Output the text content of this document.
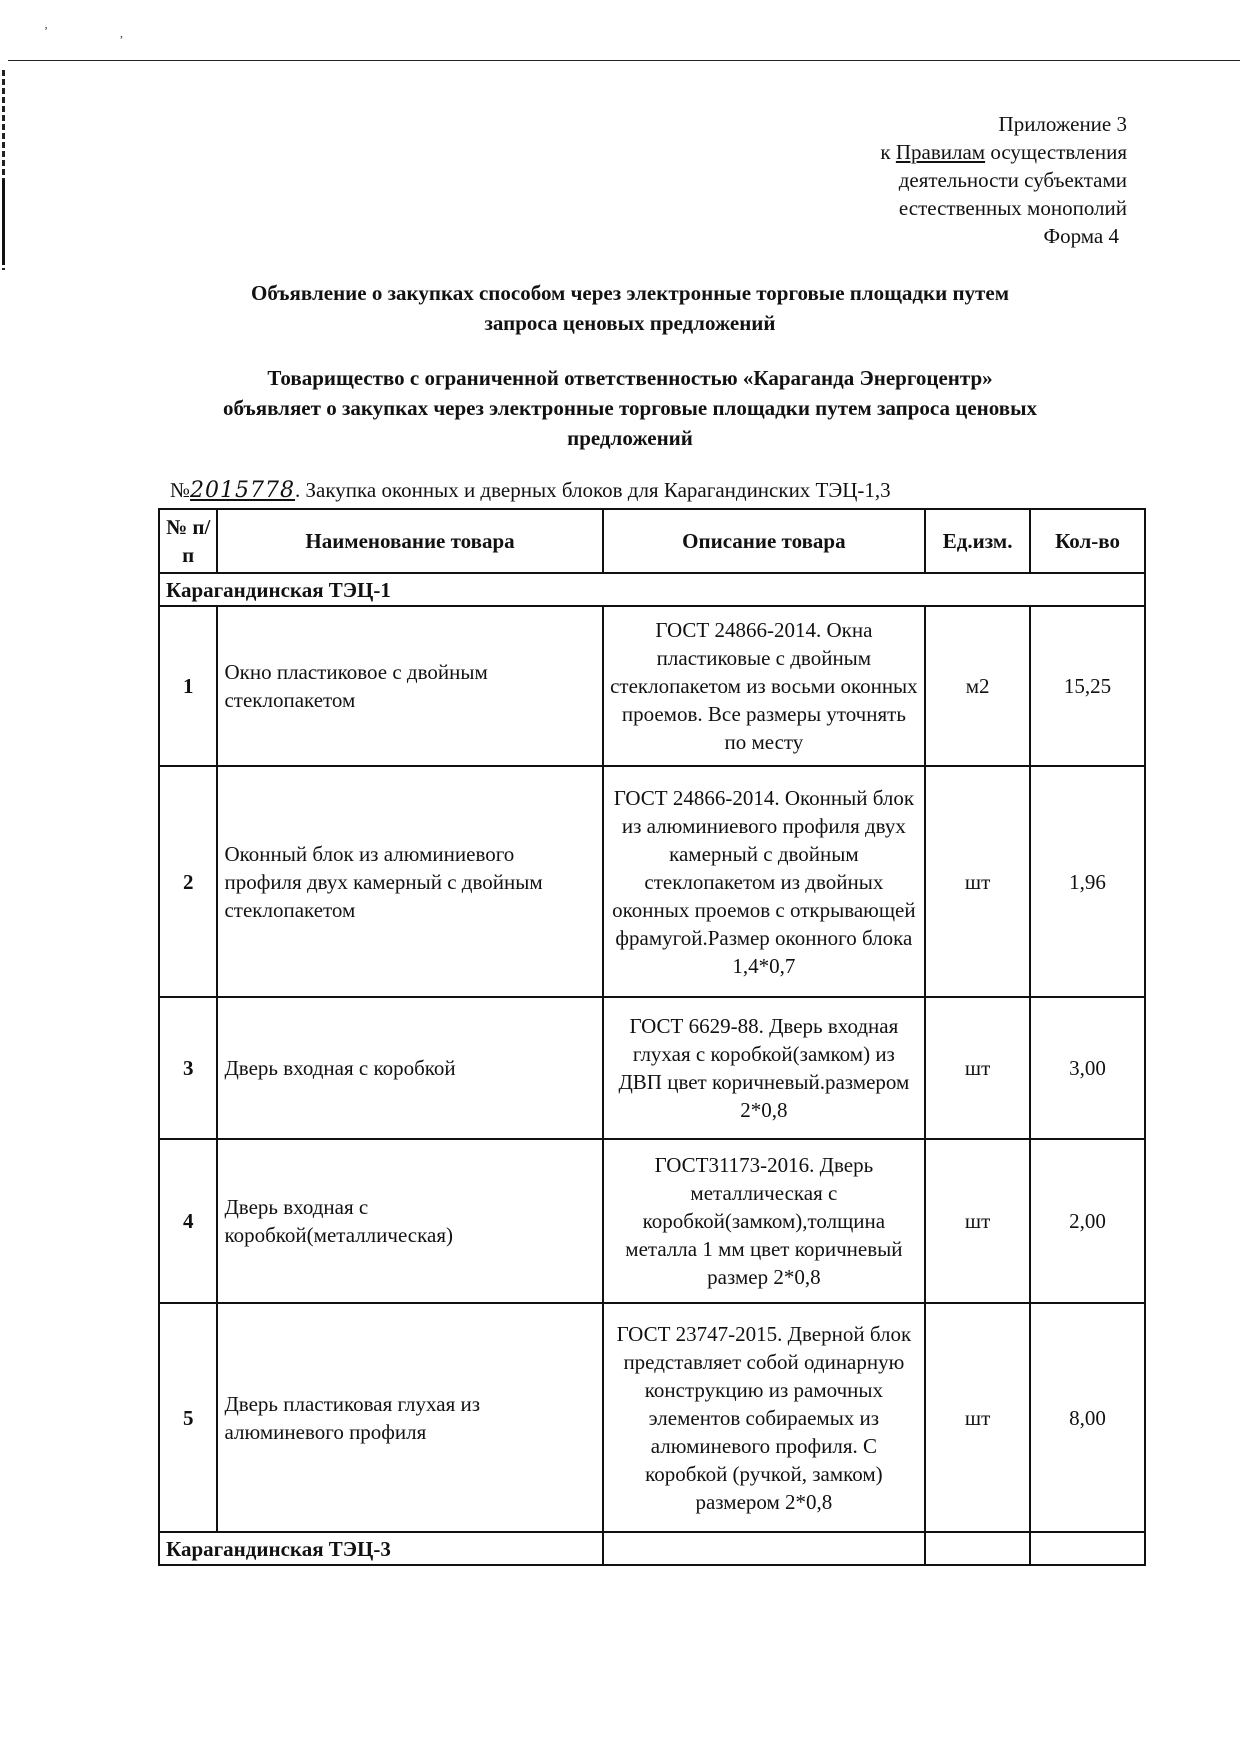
ʼ	,
Приложение 3
к Правилам осуществления
деятельности субъектами
естественных монополий
Форма 4
Объявление о закупках способом через электронные торговые площадки путем
запроса ценовых предложений
Товарищество с ограниченной ответственностью «Караганда Энергоцентр»
объявляет о закупках через электронные торговые площадки путем запроса ценовых
предложений
№2015778. Закупка оконных и дверных блоков для Карагандинских ТЭЦ-1,3
№ п/п	Наименование товара	Описание товара	Ед.изм.	Кол-во
Карагандинская ТЭЦ-1				
1	Окно пластиковое с двойным стеклопакетом	ГОСТ 24866-2014. Окна пластиковые с двойным стеклопакетом из восьми оконных проемов. Все размеры уточнять по месту	м2	15,25
2	Оконный блок из алюминиевого профиля двух камерный с двойным стеклопакетом	ГОСТ 24866-2014. Оконный блок из алюминиевого профиля двух камерный с двойным стеклопакетом из двойных оконных проемов с открывающей фрамугой.Размер оконного блока 1,4*0,7	шт	1,96
3	Дверь входная с коробкой	ГОСТ 6629-88. Дверь входная глухая с коробкой(замком) из ДВП цвет коричневый.размером 2*0,8	шт	3,00
4	Дверь входная с коробкой(металлическая)	ГОСТ31173-2016. Дверь металлическая с коробкой(замком),толщина металла 1 мм цвет коричневый размер 2*0,8	шт	2,00
5	Дверь пластиковая глухая из алюминевого профиля	ГОСТ 23747-2015. Дверной блок представляет собой одинарную конструкцию из рамочных элементов собираемых из алюминевого профиля. С коробкой (ручкой, замком) размером 2*0,8	шт	8,00
Карагандинская ТЭЦ-3				
